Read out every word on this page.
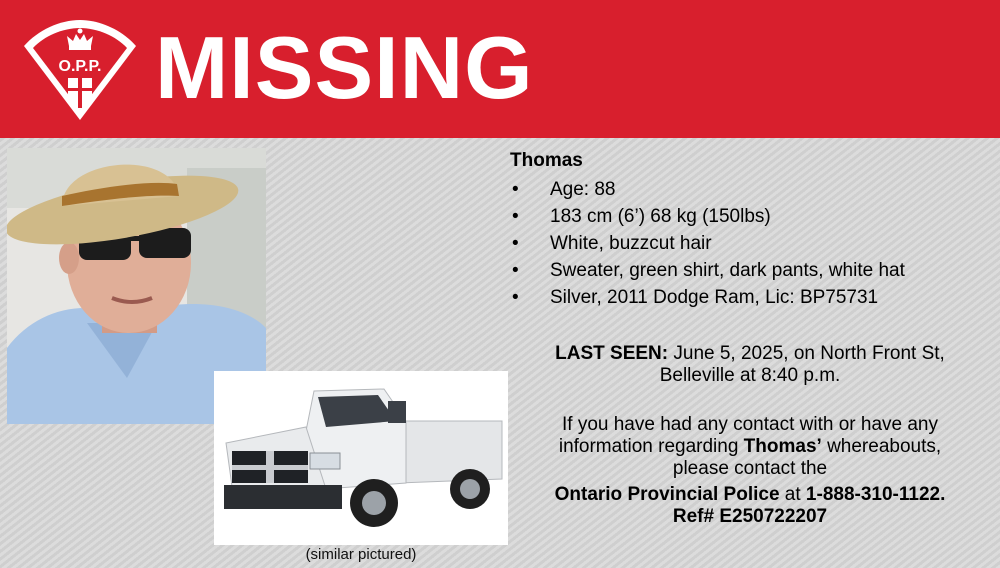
O.P.P. MISSING
(similar pictured)
Thomas
• Age: 88
• 183 cm (6’) 68 kg (150lbs)
• White, buzzcut hair
• Sweater, green shirt, dark pants, white hat
• Silver, 2011 Dodge Ram, Lic: BP75731
LAST SEEN: June 5, 2025, on North Front St,
Belleville at 8:40 p.m.
If you have had any contact with or have any
information regarding Thomas’ whereabouts,
please contact the
Ontario Provincial Police at 1-888-310-1122.
Ref# E250722207
